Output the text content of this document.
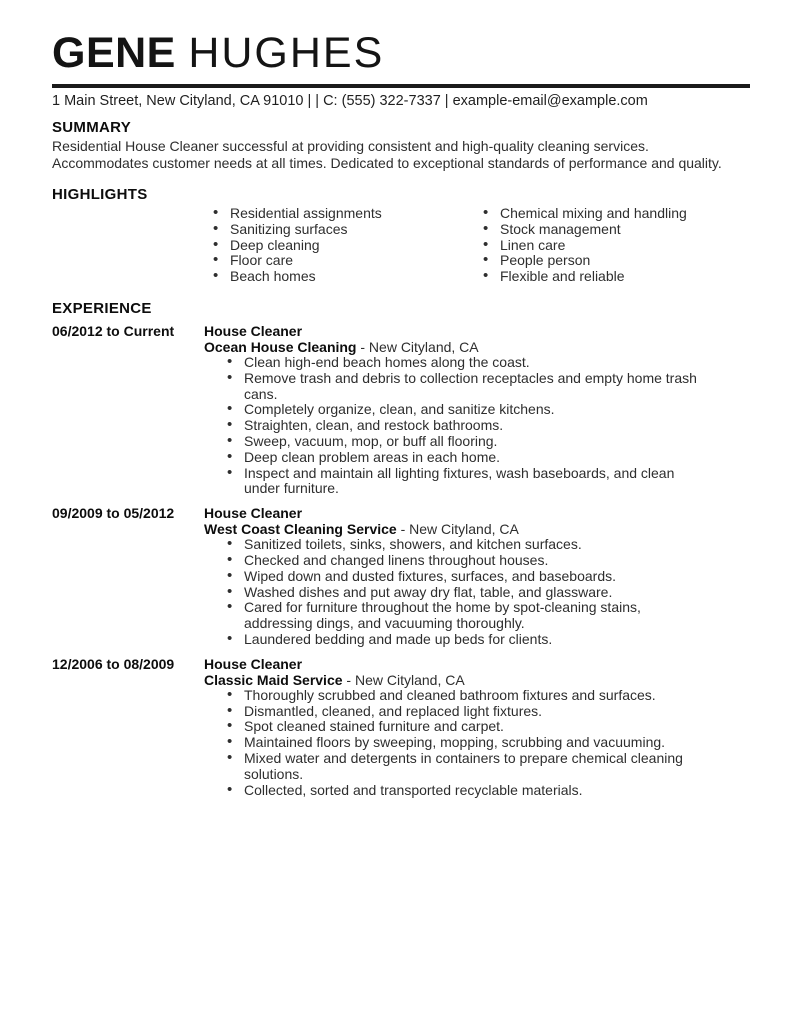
GENE HUGHES
1 Main Street, New Cityland, CA 91010 | | C: (555) 322-7337 | example-email@example.com
SUMMARY
Residential House Cleaner successful at providing consistent and high-quality cleaning services. Accommodates customer needs at all times. Dedicated to exceptional standards of performance and quality.
HIGHLIGHTS
• Residential assignments
• Sanitizing surfaces
• Deep cleaning
• Floor care
• Beach homes
• Chemical mixing and handling
• Stock management
• Linen care
• People person
• Flexible and reliable
EXPERIENCE
06/2012 to Current	House Cleaner
Ocean House Cleaning - New Cityland, CA
• Clean high-end beach homes along the coast.
• Remove trash and debris to collection receptacles and empty home trash cans.
• Completely organize, clean, and sanitize kitchens.
• Straighten, clean, and restock bathrooms.
• Sweep, vacuum, mop, or buff all flooring.
• Deep clean problem areas in each home.
• Inspect and maintain all lighting fixtures, wash baseboards, and clean under furniture.
09/2009 to 05/2012	House Cleaner
West Coast Cleaning Service - New Cityland, CA
• Sanitized toilets, sinks, showers, and kitchen surfaces.
• Checked and changed linens throughout houses.
• Wiped down and dusted fixtures, surfaces, and baseboards.
• Washed dishes and put away dry flat, table, and glassware.
• Cared for furniture throughout the home by spot-cleaning stains, addressing dings, and vacuuming thoroughly.
• Laundered bedding and made up beds for clients.
12/2006 to 08/2009	House Cleaner
Classic Maid Service - New Cityland, CA
• Thoroughly scrubbed and cleaned bathroom fixtures and surfaces.
• Dismantled, cleaned, and replaced light fixtures.
• Spot cleaned stained furniture and carpet.
• Maintained floors by sweeping, mopping, scrubbing and vacuuming.
• Mixed water and detergents in containers to prepare chemical cleaning solutions.
• Collected, sorted and transported recyclable materials.
